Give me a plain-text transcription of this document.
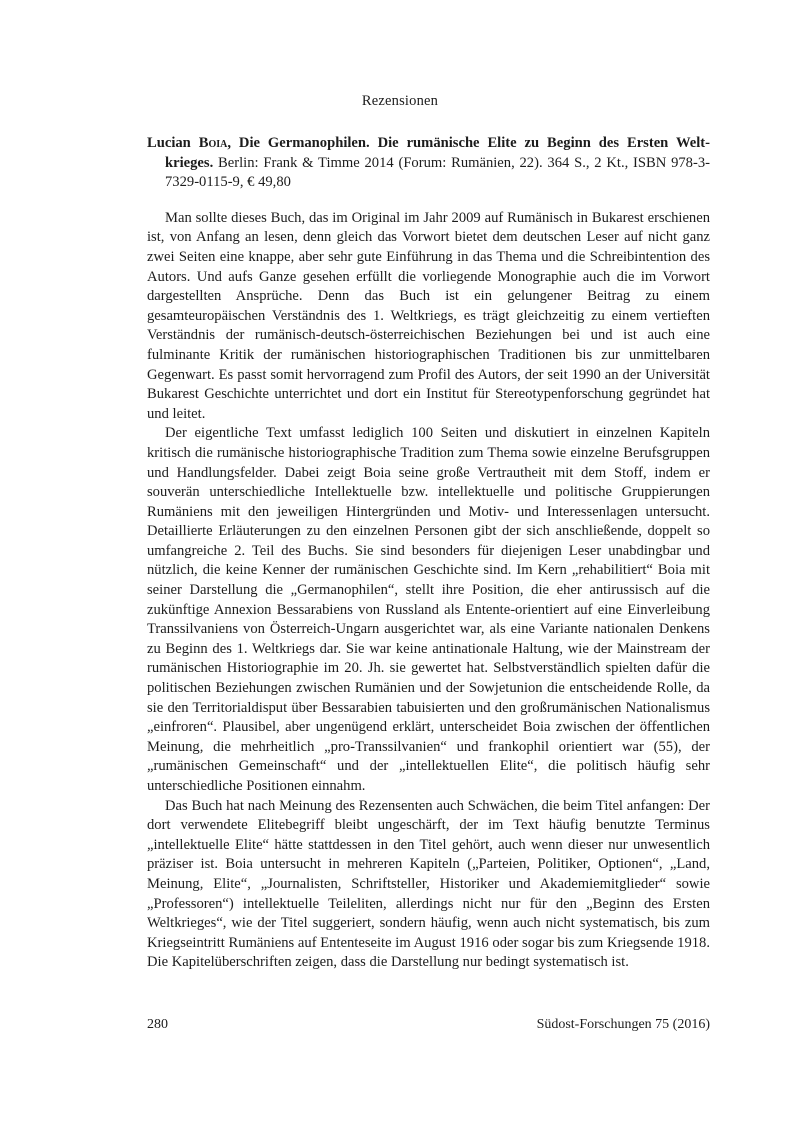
Rezensionen

Lucian Boia, Die Germanophilen. Die rumänische Elite zu Beginn des Ersten Welt-krieges. Berlin: Frank & Timme 2014 (Forum: Rumänien, 22). 364 S., 2 Kt., ISBN 978-3-7329-0115-9, € 49,80

Man sollte dieses Buch, das im Original im Jahr 2009 auf Rumänisch in Bukarest erschienen ist, von Anfang an lesen, denn gleich das Vorwort bietet dem deutschen Leser auf nicht ganz zwei Seiten eine knappe, aber sehr gute Einführung in das Thema und die Schreibintention des Autors. Und aufs Ganze gesehen erfüllt die vorliegende Monographie auch die im Vorwort dargestellten Ansprüche. Denn das Buch ist ein gelungener Beitrag zu einem gesamteuropäischen Verständnis des 1. Weltkriegs, es trägt gleichzeitig zu einem vertieften Verständnis der rumänisch-deutsch-österreichischen Beziehungen bei und ist auch eine fulminante Kritik der rumänischen historiographischen Traditionen bis zur unmittelbaren Gegenwart. Es passt somit hervorragend zum Profil des Autors, der seit 1990 an der Universität Bukarest Geschichte unterrichtet und dort ein Institut für Stereotypenforschung gegründet hat und leitet.

Der eigentliche Text umfasst lediglich 100 Seiten und diskutiert in einzelnen Kapiteln kritisch die rumänische historiographische Tradition zum Thema sowie einzelne Berufsgruppen und Handlungsfelder. Dabei zeigt Boia seine große Vertrautheit mit dem Stoff, indem er souverän unterschiedliche Intellektuelle bzw. intellektuelle und politische Gruppierungen Rumäniens mit den jeweiligen Hintergründen und Motiv- und Interessenlagen untersucht. Detaillierte Erläuterungen zu den einzelnen Personen gibt der sich anschließende, doppelt so umfangreiche 2. Teil des Buchs. Sie sind besonders für diejenigen Leser unabdingbar und nützlich, die keine Kenner der rumänischen Geschichte sind. Im Kern „rehabilitiert“ Boia mit seiner Darstellung die „Germanophilen“, stellt ihre Position, die eher antirussisch auf die zukünftige Annexion Bessarabiens von Russland als Entente-orientiert auf eine Einverleibung Transsilvaniens von Österreich-Ungarn ausgerichtet war, als eine Variante nationalen Denkens zu Beginn des 1. Weltkriegs dar. Sie war keine antinationale Haltung, wie der Mainstream der rumänischen Historiographie im 20. Jh. sie gewertet hat. Selbstverständlich spielten dafür die politischen Beziehungen zwischen Rumänien und der Sowjetunion die entscheidende Rolle, da sie den Territorialdisput über Bessarabien tabuisierten und den großrumänischen Nationalismus „einfroren“. Plausibel, aber ungenügend erklärt, unterscheidet Boia zwischen der öffentlichen Meinung, die mehrheitlich „pro-Transsilvanien“ und frankophil orientiert war (55), der „rumänischen Gemeinschaft“ und der „intellektuellen Elite“, die politisch häufig sehr unterschiedliche Positionen einnahm.

Das Buch hat nach Meinung des Rezensenten auch Schwächen, die beim Titel anfangen: Der dort verwendete Elitebegriff bleibt ungeschärft, der im Text häufig benutzte Terminus „intellektuelle Elite“ hätte stattdessen in den Titel gehört, auch wenn dieser nur unwesentlich präziser ist. Boia untersucht in mehreren Kapiteln („Parteien, Politiker, Optionen“, „Land, Meinung, Elite“, „Journalisten, Schriftsteller, Historiker und Akademiemitglieder“ sowie „Professoren“) intellektuelle Teileliten, allerdings nicht nur für den „Beginn des Ersten Weltkrieges“, wie der Titel suggeriert, sondern häufig, wenn auch nicht systematisch, bis zum Kriegseintritt Rumäniens auf Ententeseite im August 1916 oder sogar bis zum Kriegsende 1918. Die Kapitelüberschriften zeigen, dass die Darstellung nur bedingt systematisch ist.

280	Südost-Forschungen 75 (2016)
